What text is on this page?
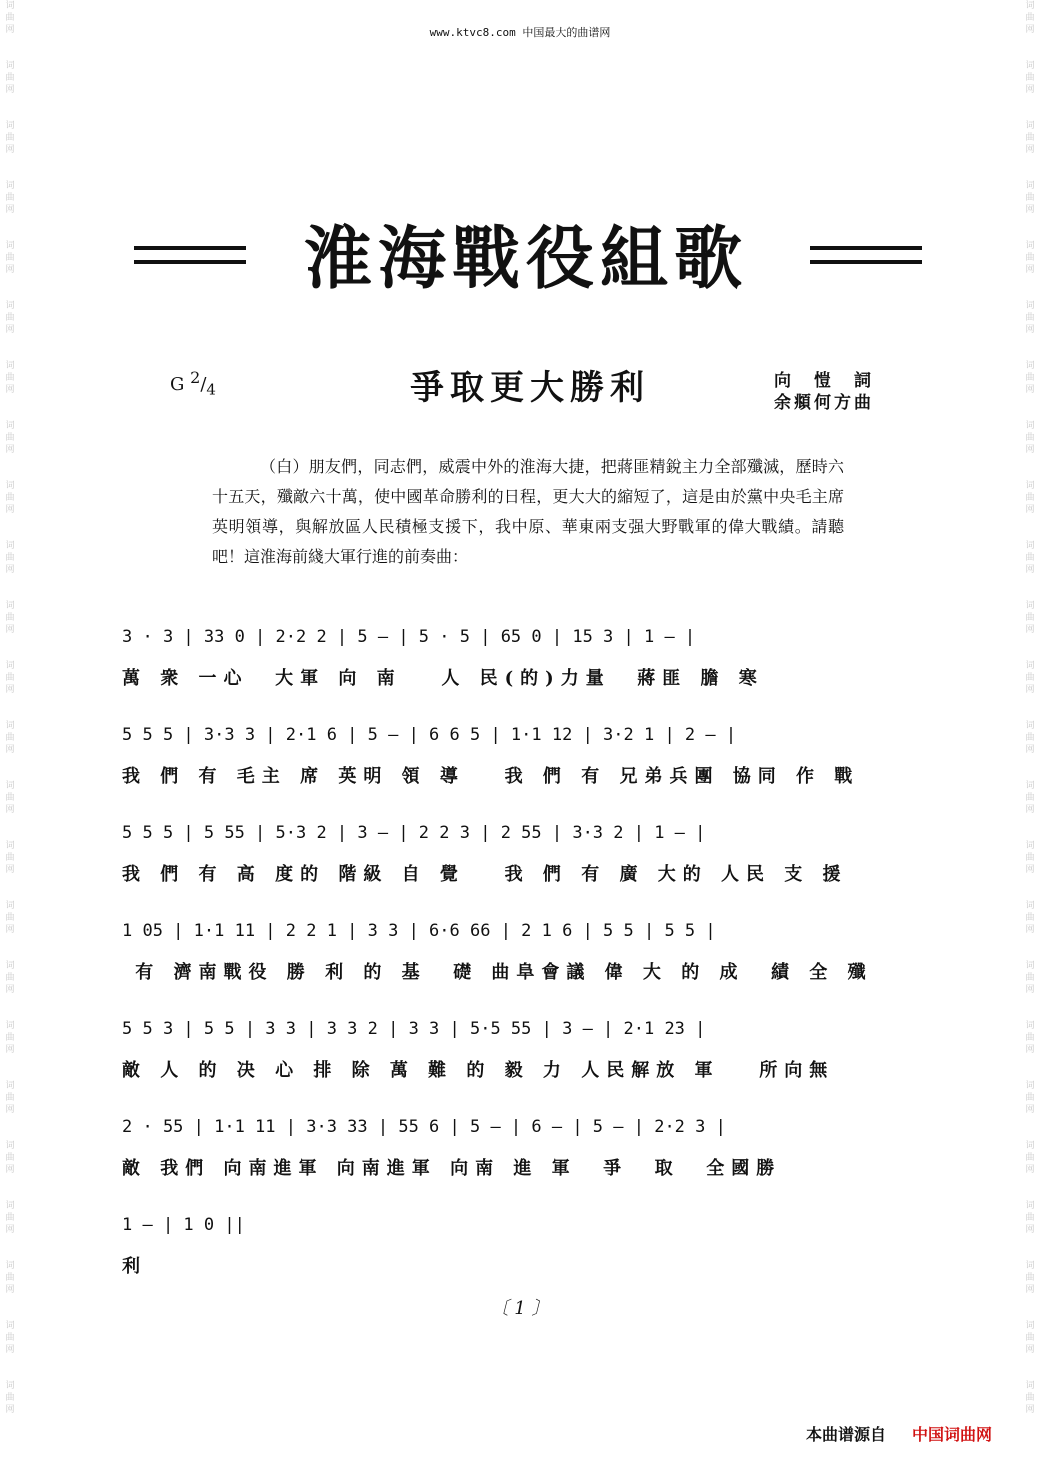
词曲网
词曲网
词曲网
词曲网
词曲网
词曲网
词曲网
词曲网
词曲网
词曲网
词曲网
词曲网
词曲网
词曲网
词曲网
词曲网
词曲网
词曲网
词曲网
词曲网
词曲网
词曲网
词曲网
词曲网
词曲网
词曲网
词曲网
词曲网
词曲网
词曲网
词曲网
词曲网
词曲网
词曲网
词曲网
词曲网
词曲网
词曲网
词曲网
词曲网
词曲网
词曲网
词曲网
词曲网
词曲网
词曲网
词曲网
词曲网
www.ktvc8.com 中国最大的曲谱网
淮海戰役組歌
G $^2/_4$	爭取更大勝利	向　愷　詞
余頫何方曲

（白）朋友們，同志們，威震中外的淮海大捷，把蔣匪精銳主力全部殲滅，歷時六十五天，殲敵六十萬，使中國革命勝利的日程，更大大的縮短了，這是由於黨中央毛主席英明領導，與解放區人民積極支援下，我中原、華東兩支强大野戰軍的偉大戰績。請聽吧！這淮海前綫大軍行進的前奏曲：

3 · 3 | 33 0 | 2·2 2 | 5 — | 5 · 5 | 65 0 | 15 3 | 1 — |
萬 衆 一心  大軍 向 南   人 民(的)力量  蔣匪 膽 寒
5 5 5 | 3·3 3 | 2·1 6 | 5 — | 6 6 5 | 1·1 12 | 3·2 1 | 2 — |
我 們 有 毛主 席 英明 領 導   我 們 有 兄弟兵團 協同 作 戰
5 5 5 | 5 55 | 5·3 2 | 3 — | 2 2 3 | 2 55 | 3·3 2 | 1 — |
我 們 有 高 度的 階級 自 覺   我 們 有 廣 大的 人民 支 援
1 05 | 1·1 11 | 2 2 1 | 3 3 | 6·6 66 | 2 1 6 | 5 5 | 5 5 |
有 濟南戰役 勝 利 的 基  礎 曲阜會議 偉 大 的 成  績 全 殲
5 5 3 | 5 5 | 3 3 | 3 3 2 | 3 3 | 5·5 55 | 3 — | 2·1 23 |
敵 人 的 决 心 排 除 萬 難 的 毅 力 人民解放 軍   所向無
2 · 55 | 1·1 11 | 3·3 33 | 55 6 | 5 — | 6 — | 5 — | 2·2 3 |
敵 我們 向南進軍 向南進軍 向南 進 軍  爭  取  全國勝
1 — | 1 0 ||
利
〔 1 〕
本曲谱源自 中国词曲网
